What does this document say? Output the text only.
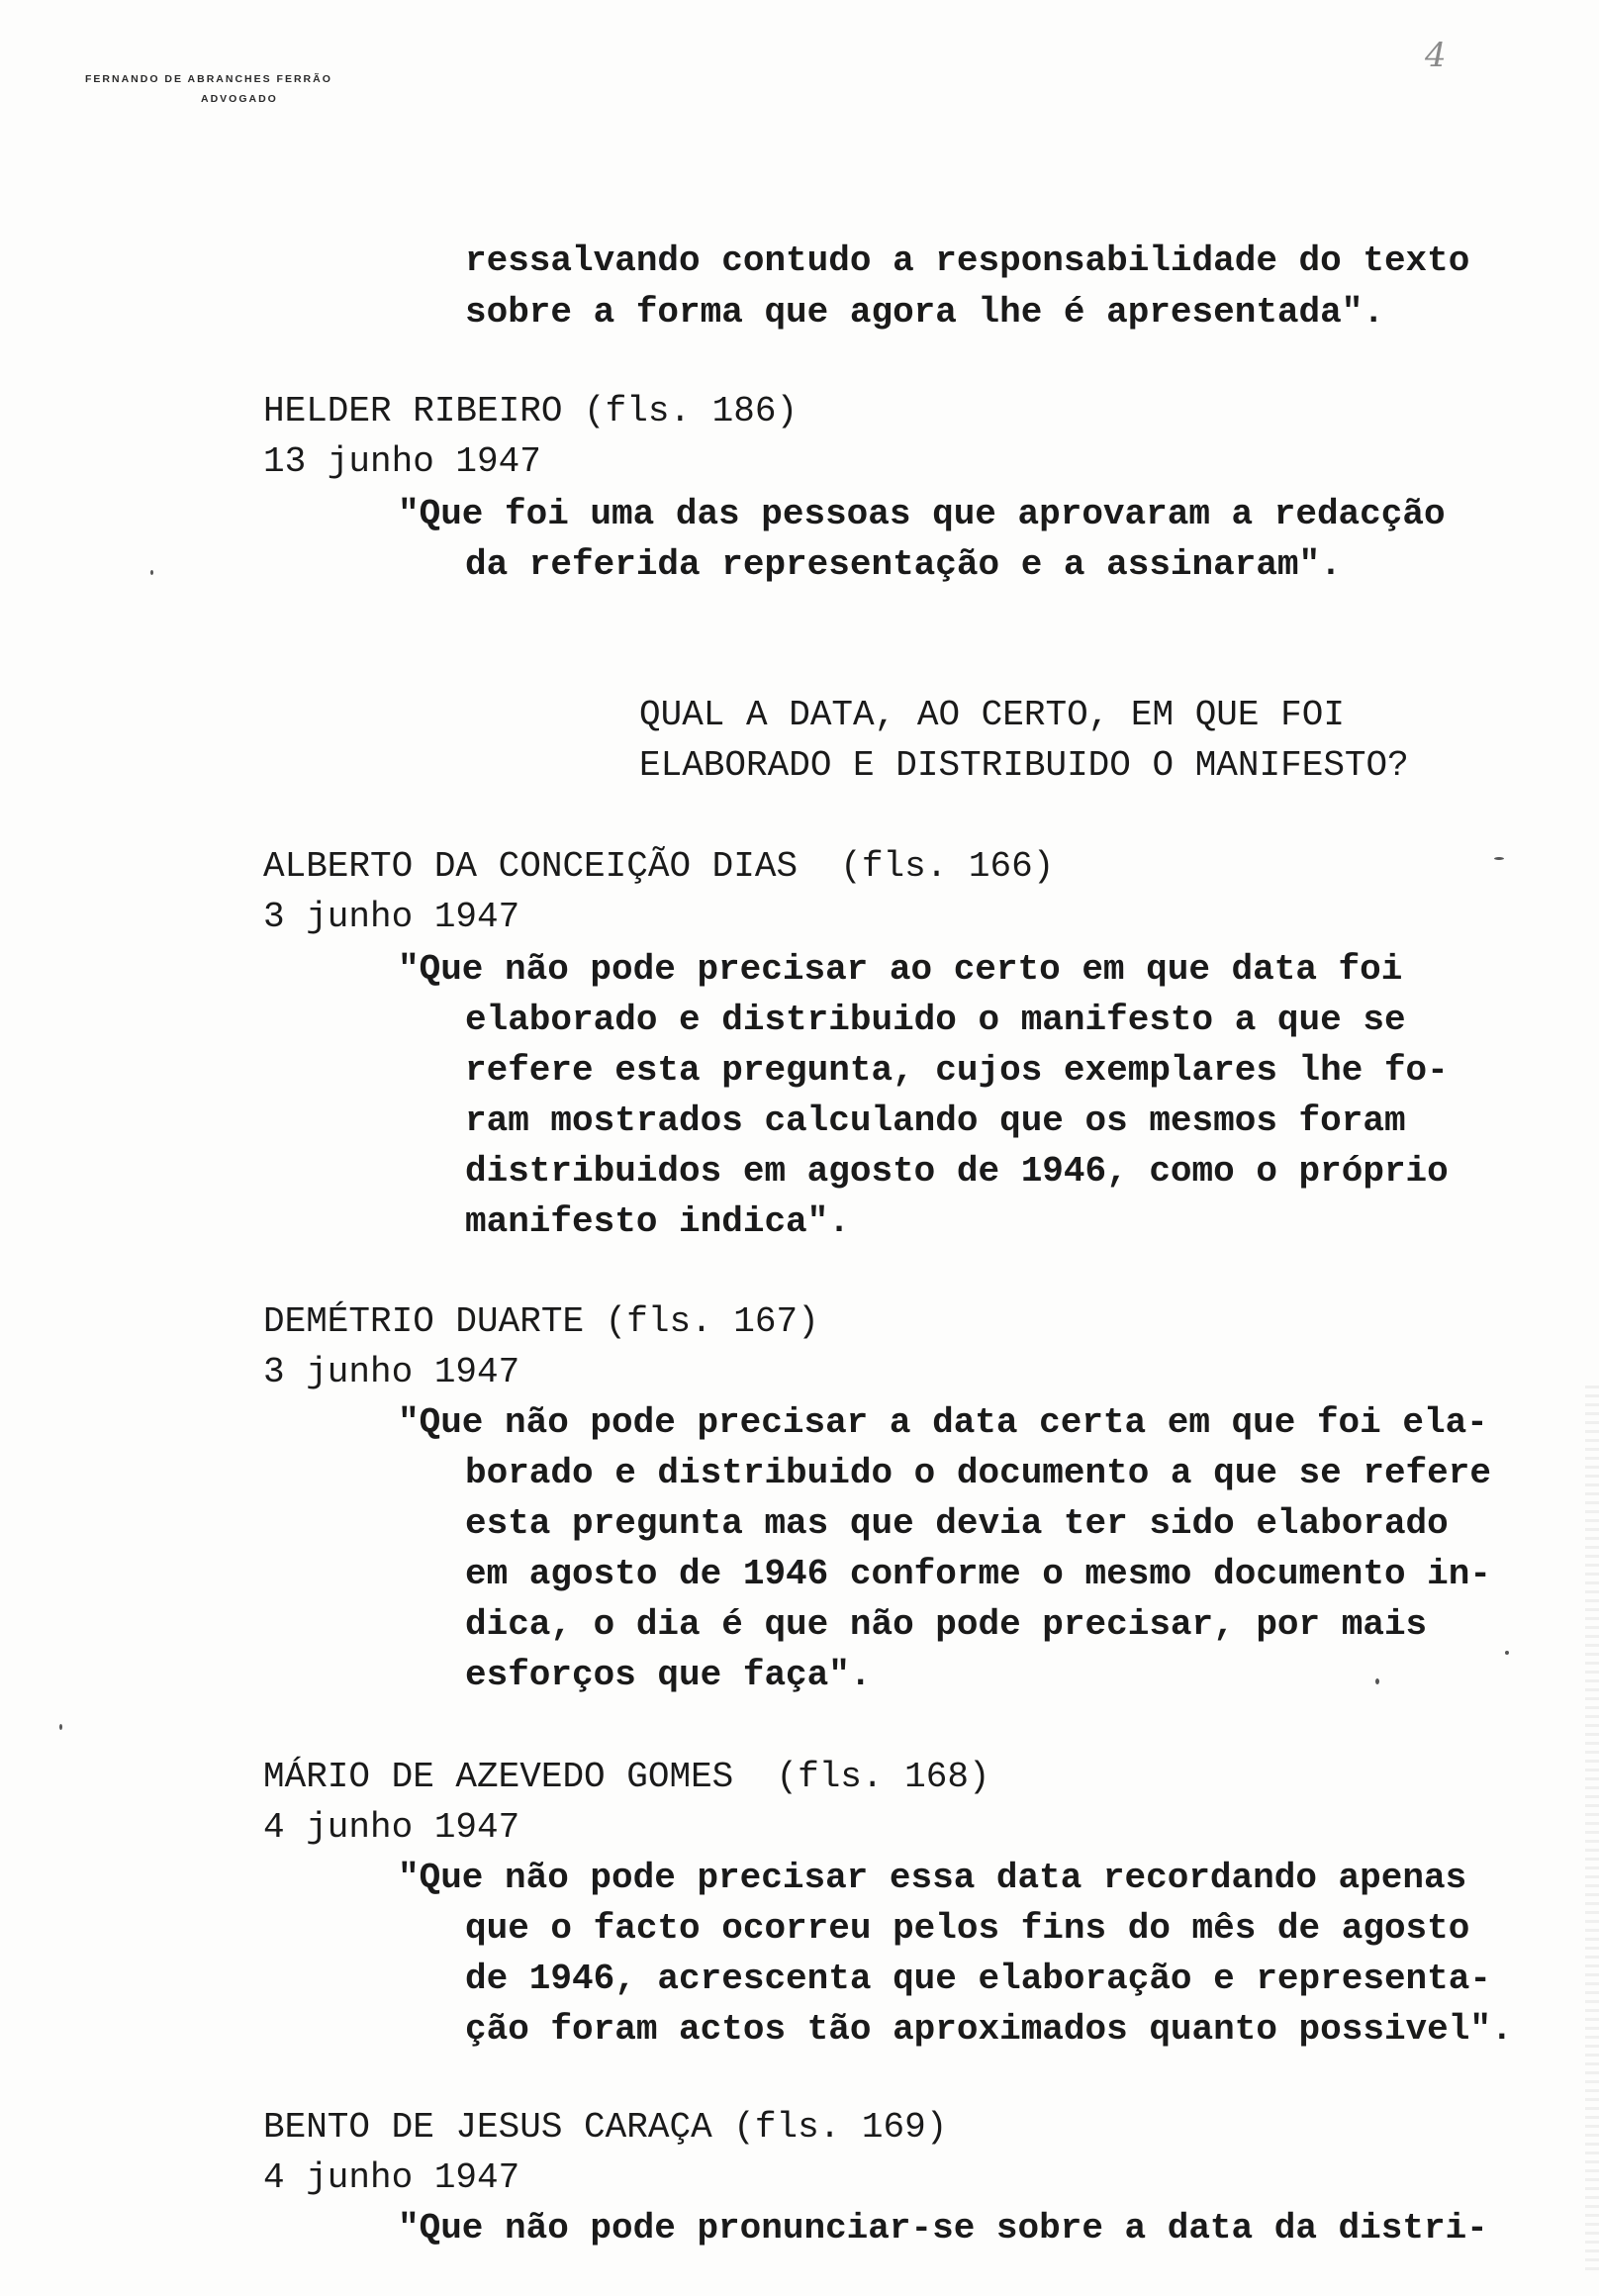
FERNANDO DE ABRANCHES FERRÃO
ADVOGADO
4
ressalvando contudo a responsabilidade do texto
sobre a forma que agora lhe é apresentada".
HELDER RIBEIRO (fls. 186)
13 junho 1947
"Que foi uma das pessoas que aprovaram a redacção
da referida representação e a assinaram".
QUAL A DATA, AO CERTO, EM QUE FOI
ELABORADO E DISTRIBUIDO O MANIFESTO?
ALBERTO DA CONCEIÇÃO DIAS  (fls. 166)
3 junho 1947
"Que não pode precisar ao certo em que data foi
elaborado e distribuido o manifesto a que se
refere esta pregunta, cujos exemplares lhe fo-
ram mostrados calculando que os mesmos foram
distribuidos em agosto de 1946, como o próprio
manifesto indica".
DEMÉTRIO DUARTE (fls. 167)
3 junho 1947
"Que não pode precisar a data certa em que foi ela-
borado e distribuido o documento a que se refere
esta pregunta mas que devia ter sido elaborado
em agosto de 1946 conforme o mesmo documento in-
dica, o dia é que não pode precisar, por mais
esforços que faça".
MÁRIO DE AZEVEDO GOMES  (fls. 168)
4 junho 1947
"Que não pode precisar essa data recordando apenas
que o facto ocorreu pelos fins do mês de agosto
de 1946, acrescenta que elaboração e representa-
ção foram actos tão aproximados quanto possivel".
BENTO DE JESUS CARAÇA (fls. 169)
4 junho 1947
"Que não pode pronunciar-se sobre a data da distri-
